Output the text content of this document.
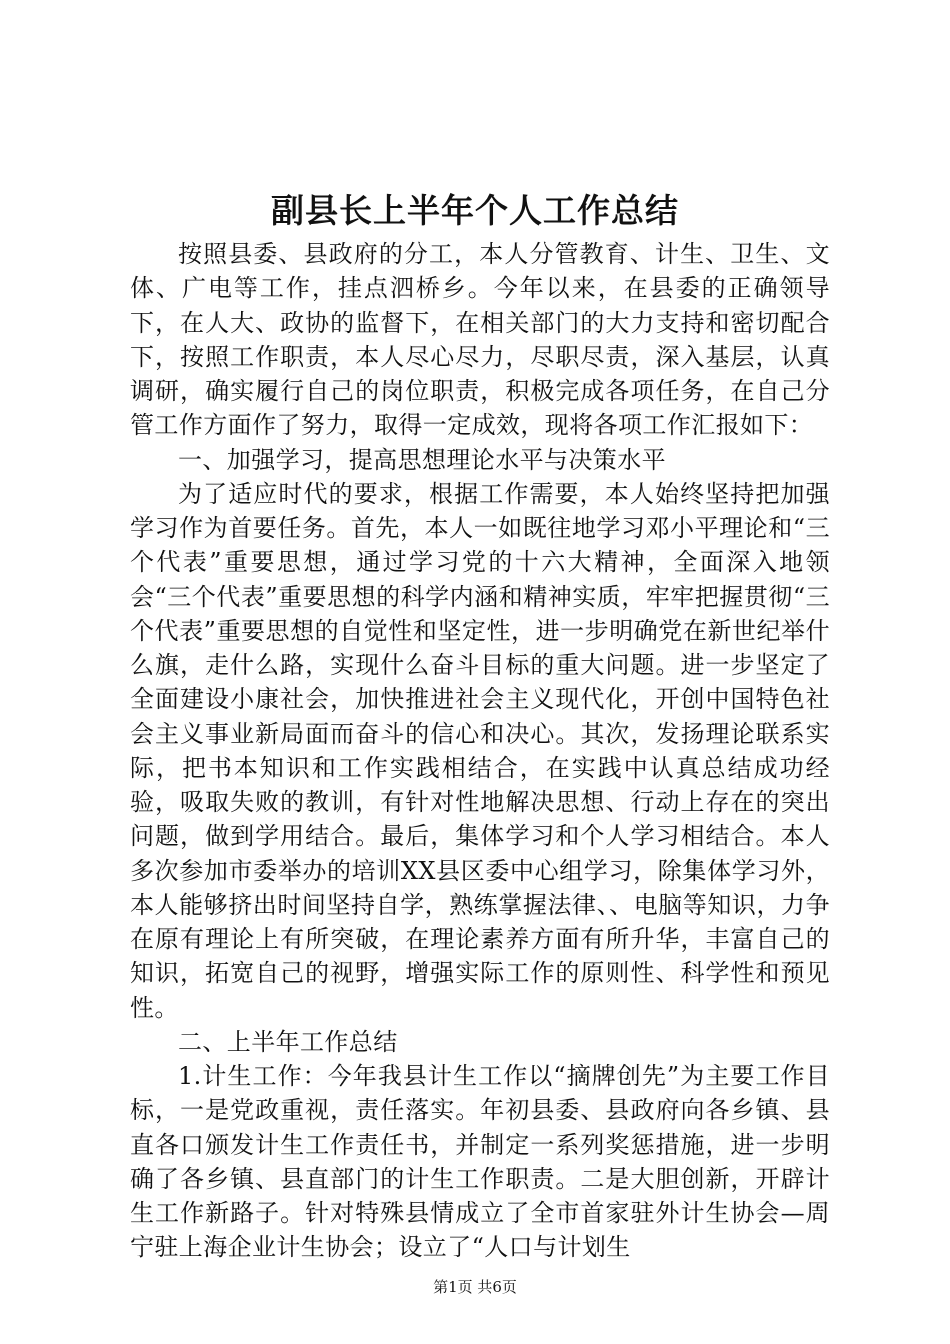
副县长上半年个人工作总结

按照县委、县政府的分工，本人分管教育、计生、卫生、文体、广电等工作，挂点泗桥乡。今年以来，在县委的正确领导下，在人大、政协的监督下，在相关部门的大力支持和密切配合下，按照工作职责，本人尽心尽力，尽职尽责，深入基层，认真调研，确实履行自己的岗位职责，积极完成各项任务，在自己分管工作方面作了努力，取得一定成效，现将各项工作汇报如下：

一、加强学习，提高思想理论水平与决策水平

为了适应时代的要求，根据工作需要，本人始终坚持把加强学习作为首要任务。首先，本人一如既往地学习邓小平理论和“三个代表”重要思想，通过学习党的十六大精神，全面深入地领会“三个代表”重要思想的科学内涵和精神实质，牢牢把握贯彻“三个代表”重要思想的自觉性和坚定性，进一步明确党在新世纪举什么旗，走什么路，实现什么奋斗目标的重大问题。进一步坚定了全面建设小康社会，加快推进社会主义现代化，开创中国特色社会主义事业新局面而奋斗的信心和决心。其次，发扬理论联系实际，把书本知识和工作实践相结合，在实践中认真总结成功经验，吸取失败的教训，有针对性地解决思想、行动上存在的突出问题，做到学用结合。最后，集体学习和个人学习相结合。本人多次参加市委举办的培训XX县区委中心组学习，除集体学习外，本人能够挤出时间坚持自学，熟练掌握法律、、电脑等知识，力争在原有理论上有所突破，在理论素养方面有所升华，丰富自己的知识，拓宽自己的视野，增强实际工作的原则性、科学性和预见性。

二、上半年工作总结

1.计生工作：今年我县计生工作以“摘牌创先”为主要工作目标，一是党政重视，责任落实。年初县委、县政府向各乡镇、县直各口颁发计生工作责任书，并制定一系列奖惩措施，进一步明确了各乡镇、县直部门的计生工作职责。二是大胆创新，开辟计生工作新路子。针对特殊县情成立了全市首家驻外计生协会—周宁驻上海企业计生协会；设立了“人口与计划生

第1页 共6页
